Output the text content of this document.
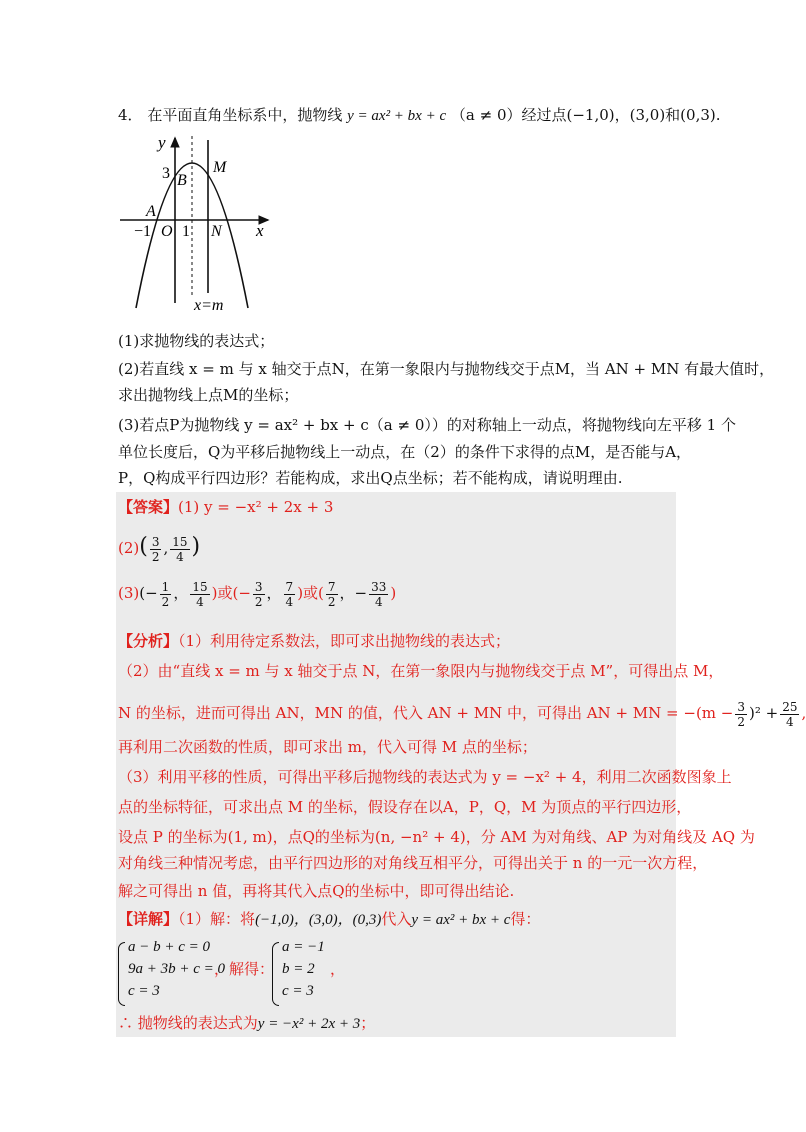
4． 在平面直角坐标系中，抛物线 y = ax² + bx + c （a ≠ 0）经过点(−1,0)，(3,0)和(0,3).
y
x
3 B
M
A
−1 O 1 N
x=m
(1)求抛物线的表达式；
(2)若直线 x = m 与 x 轴交于点N，在第一象限内与抛物线交于点M，当 AN + MN 有最大值时，
求出抛物线上点M的坐标；
(3)若点P为抛物线 y = ax² + bx + c（a ≠ 0））的对称轴上一动点，将抛物线向左平移 1 个
单位长度后，Q为平移后抛物线上一动点，在（2）的条件下求得的点M，是否能与A，
P，Q构成平行四边形？若能构成，求出Q点坐标；若不能构成，请说明理由.
【答案】(1) y = −x² + 2x + 3
$(2)( \frac{3}{2}$ , $\frac{15}{4}$ )
$(3)(- \frac{1}{2}$ ， $\frac{15}{4}$ )或(− $\frac{3}{2}$ ， $\frac{7}{4}$ )或( $\frac{7}{2}$ ，− $\frac{33}{4}$ )
【分析】（1）利用待定系数法，即可求出抛物线的表达式；
（2）由“直线 x = m 与 x 轴交于点 N，在第一象限内与抛物线交于点 M”，可得出点 M，
N 的坐标，进而可得出 AN，MN 的值，代入 AN + MN 中，可得出 AN + MN = $-(m - \frac{3}{2} )^2 + \frac{25}{4}$ ,
再利用二次函数的性质，即可求出 m，代入可得 M 点的坐标；
（3）利用平移的性质，可得出平移后抛物线的表达式为 y = −x² + 4，利用二次函数图象上
点的坐标特征，可求出点 M 的坐标，假设存在以A，P，Q，M 为顶点的平行四边形，
设点 P 的坐标为(1, m)，点Q的坐标为(n, −n² + 4)，分 AM 为对角线、AP 为对角线及 AQ 为
对角线三种情况考虑，由平行四边形的对角线互相平分，可得出关于 n 的一元一次方程，
解之可得出 n 值，再将其代入点Q的坐标中，即可得出结论.
【详解】（1）解：将(−1,0)，(3,0)，(0,3)代入y = ax² + bx + c得：
a − b + c = 0
9a + 3b + c = 0
c = 3
，解得：
a = −1
b = 2
c = 3
，
∴ 抛物线的表达式为y = −x² + 2x + 3；
